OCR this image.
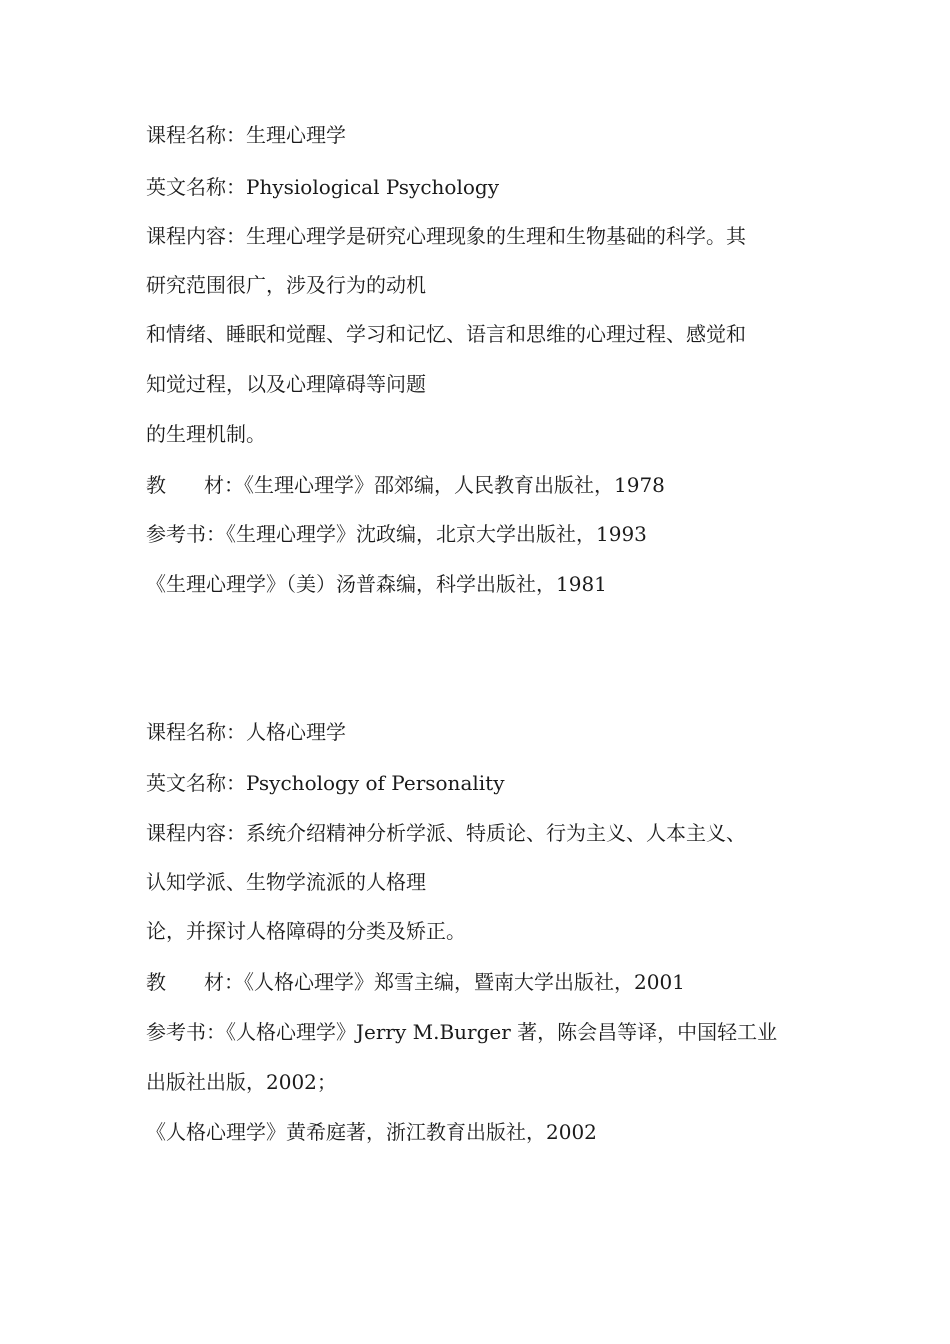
课程名称：生理心理学
英文名称：Physiological Psychology
课程内容：生理心理学是研究心理现象的生理和生物基础的科学。其
研究范围很广，涉及行为的动机
和情绪、睡眠和觉醒、学习和记忆、语言和思维的心理过程、感觉和
知觉过程，以及心理障碍等问题
的生理机制。
教 材：《生理心理学》邵郊编，人民教育出版社，1978
参考书：《生理心理学》沈政编，北京大学出版社，1993
《生理心理学》（美）汤普森编，科学出版社，1981
课程名称：人格心理学
英文名称：Psychology of Personality
课程内容：系统介绍精神分析学派、特质论、行为主义、人本主义、
认知学派、生物学流派的人格理
论，并探讨人格障碍的分类及矫正。
教 材：《人格心理学》郑雪主编，暨南大学出版社，2001
参考书：《人格心理学》Jerry M.Burger 著，陈会昌等译，中国轻工业
出版社出版，2002；
《人格心理学》黄希庭著，浙江教育出版社，2002
